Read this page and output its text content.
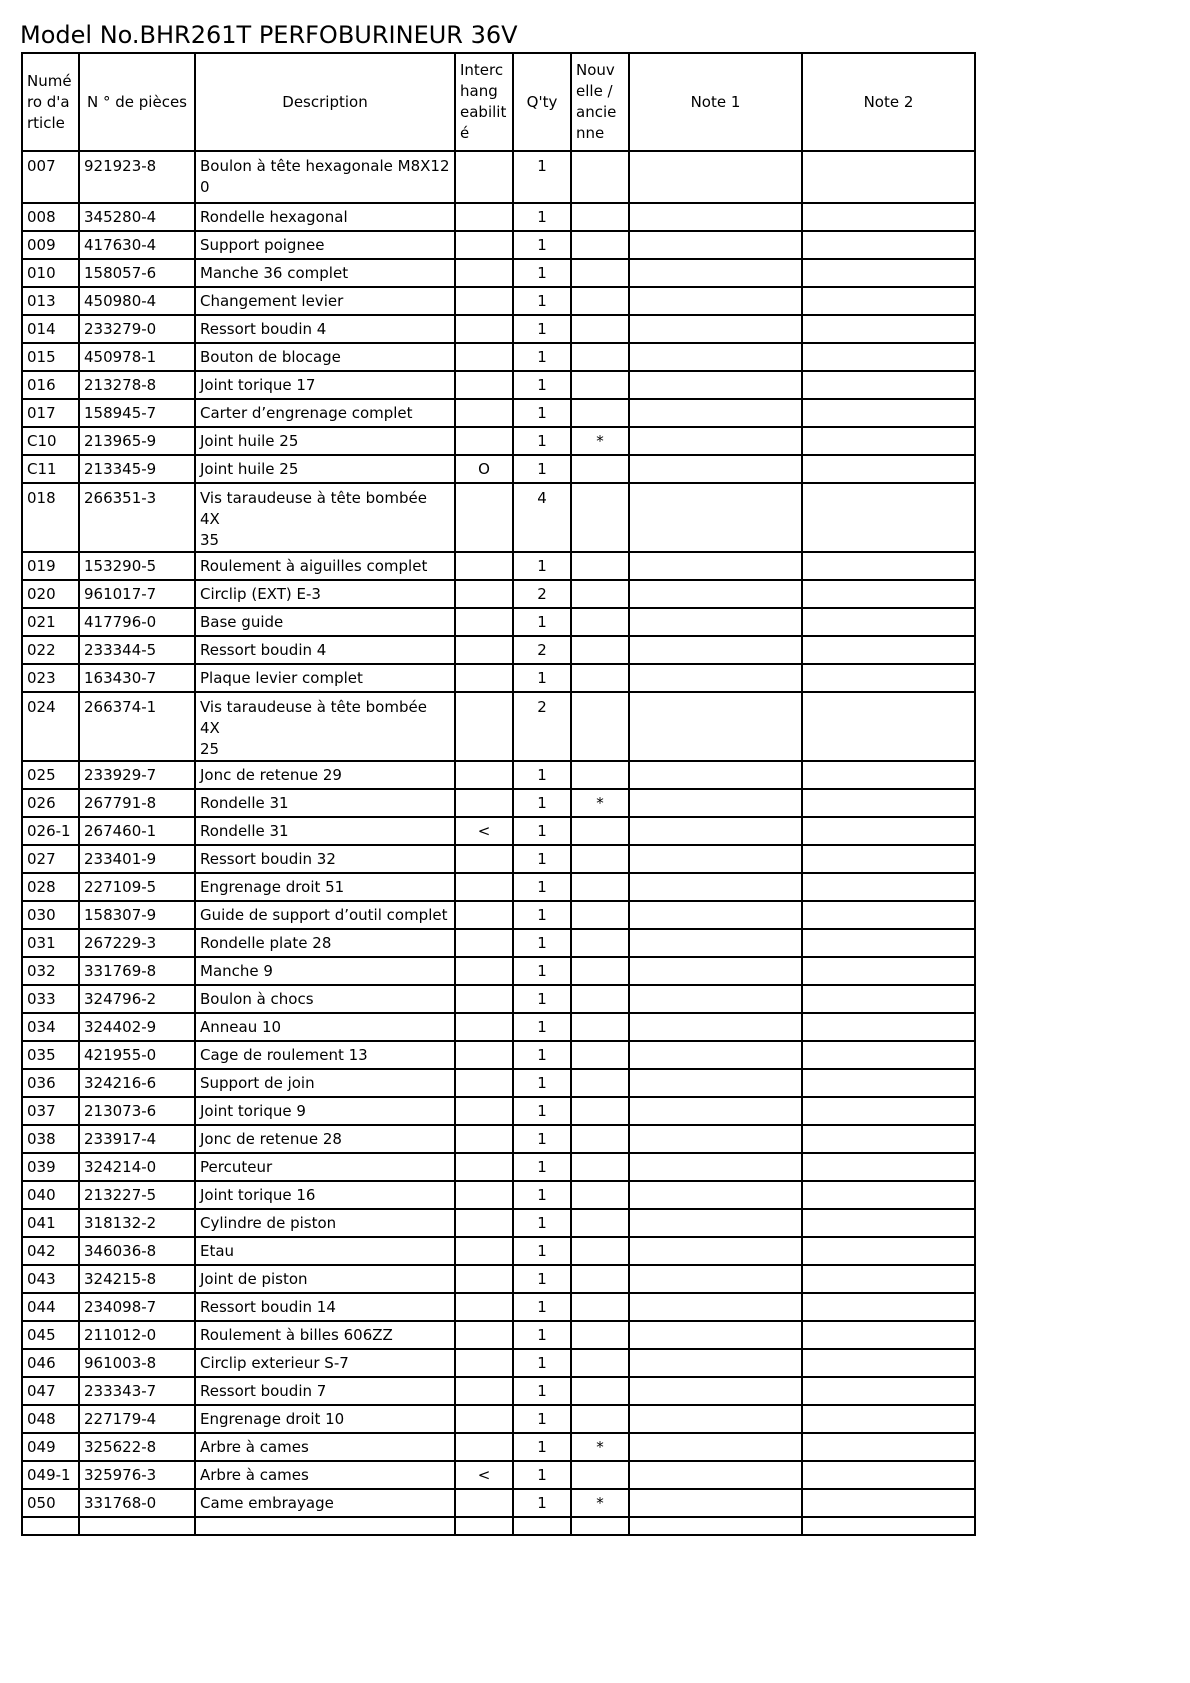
Model No.BHR261T PERFOBURINEUR 36V
Numé
ro d'a
rticle	N ° de pièces	Description	Interc
hang
eabilit
é	Q'ty	Nouv
elle /
ancie
nne	Note 1	Note 2
007	921923-8	Boulon à tête hexagonale M8X12
0		1			
008	345280-4	Rondelle hexagonal		1			
009	417630-4	Support poignee		1			
010	158057-6	Manche 36 complet		1			
013	450980-4	Changement levier		1			
014	233279-0	Ressort boudin 4		1			
015	450978-1	Bouton de blocage		1			
016	213278-8	Joint torique 17		1			
017	158945-7	Carter d’engrenage complet		1			
C10	213965-9	Joint huile 25		1	*		
C11	213345-9	Joint huile 25	O	1			
018	266351-3	Vis taraudeuse à tête bombée 4X
35		4			
019	153290-5	Roulement à aiguilles complet		1			
020	961017-7	Circlip (EXT) E-3		2			
021	417796-0	Base guide		1			
022	233344-5	Ressort boudin 4		2			
023	163430-7	Plaque levier complet		1			
024	266374-1	Vis taraudeuse à tête bombée 4X
25		2			
025	233929-7	Jonc de retenue 29		1			
026	267791-8	Rondelle 31		1	*		
026-1	267460-1	Rondelle 31	<	1			
027	233401-9	Ressort boudin 32		1			
028	227109-5	Engrenage droit 51		1			
030	158307-9	Guide de support d’outil complet		1			
031	267229-3	Rondelle plate 28		1			
032	331769-8	Manche 9		1			
033	324796-2	Boulon à chocs		1			
034	324402-9	Anneau 10		1			
035	421955-0	Cage de roulement 13		1			
036	324216-6	Support de join		1			
037	213073-6	Joint torique 9		1			
038	233917-4	Jonc de retenue 28		1			
039	324214-0	Percuteur		1			
040	213227-5	Joint torique 16		1			
041	318132-2	Cylindre de piston		1			
042	346036-8	Etau		1			
043	324215-8	Joint de piston		1			
044	234098-7	Ressort boudin 14		1			
045	211012-0	Roulement à billes 606ZZ		1			
046	961003-8	Circlip exterieur S-7		1			
047	233343-7	Ressort boudin 7		1			
048	227179-4	Engrenage droit 10		1			
049	325622-8	Arbre à cames		1	*		
049-1	325976-3	Arbre à cames	<	1			
050	331768-0	Came embrayage		1	*		
